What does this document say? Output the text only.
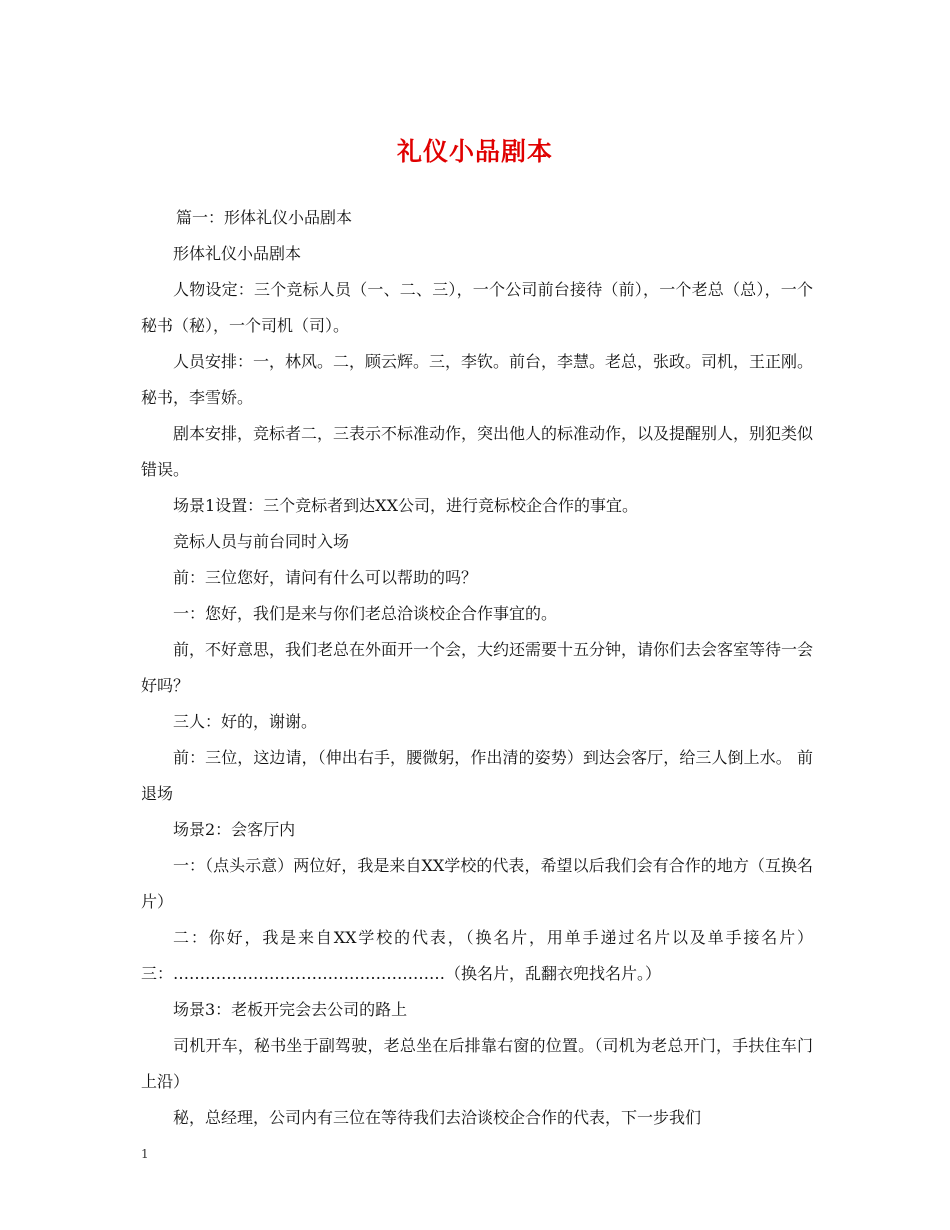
礼仪小品剧本

篇一：形体礼仪小品剧本

形体礼仪小品剧本

人物设定：三个竞标人员（一、二、三），一个公司前台接待（前），一个老总（总），一个秘书（秘），一个司机（司）。

人员安排：一，林风。二，顾云辉。三，李钦。前台，李慧。老总，张政。司机，王正刚。秘书，李雪娇。

剧本安排，竞标者二，三表示不标准动作，突出他人的标准动作，以及提醒别人，别犯类似错误。

场景1设置：三个竞标者到达XX公司，进行竞标校企合作的事宜。

竞标人员与前台同时入场

前：三位您好，请问有什么可以帮助的吗？

一：您好，我们是来与你们老总洽谈校企合作事宜的。

前，不好意思，我们老总在外面开一个会，大约还需要十五分钟，请你们去会客室等待一会好吗？

三人：好的，谢谢。

前：三位，这边请，（伸出右手，腰微躬，作出清的姿势）到达会客厅，给三人倒上水。 前退场

场景2：会客厅内

一：（点头示意）两位好，我是来自XX学校的代表，希望以后我们会有合作的地方（互换名片）

二：你好，我是来自XX学校的代表，（换名片，用单手递过名片以及单手接名片） 三：……………………………………………（换名片，乱翻衣兜找名片。）

场景3：老板开完会去公司的路上

司机开车，秘书坐于副驾驶，老总坐在后排靠右窗的位置。（司机为老总开门，手扶住车门上沿）

秘，总经理，公司内有三位在等待我们去洽谈校企合作的代表，下一步我们

1
